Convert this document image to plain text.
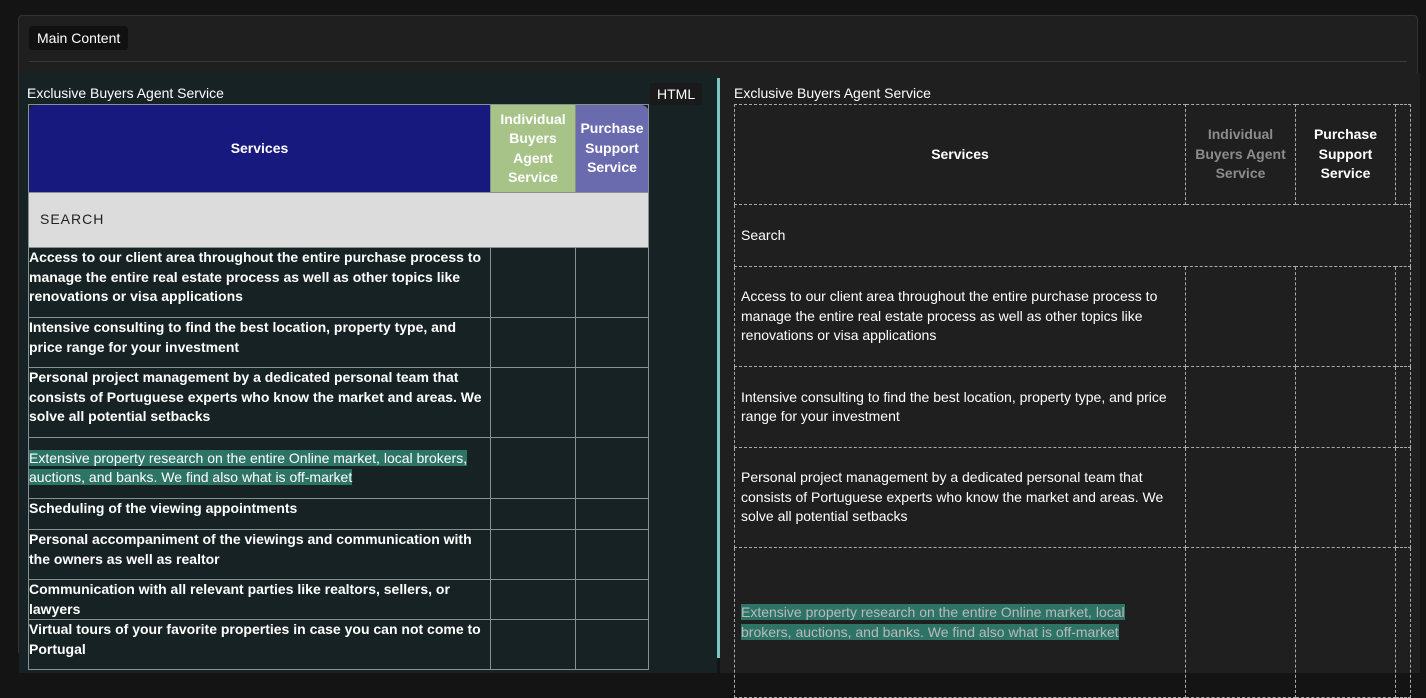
Main Content
Exclusive Buyers Agent Service	HTML
Services	Individual Buyers Agent Service	Purchase Support Service
SEARCH		
Access to our client area throughout the entire purchase process to manage the entire real estate process as well as other topics like renovations or visa applications		
Intensive consulting to find the best location, property type, and price range for your investment		
Personal project management by a dedicated personal team that consists of Portuguese experts who know the market and areas. We solve all potential setbacks		
Extensive property research on the entire Online market, local brokers, auctions, and banks. We find also what is off-market		
Scheduling of the viewing appointments		
Personal accompaniment of the viewings and communication with the owners as well as realtor		
Communication with all relevant parties like realtors, sellers, or lawyers		
Virtual tours of your favorite properties in case you can not come to Portugal		
Exclusive Buyers Agent Service
Services	Individual Buyers Agent Service	Purchase Support Service	
Search			
Access to our client area throughout the entire purchase process to manage the entire real estate process as well as other topics like renovations or visa applications			
Intensive consulting to find the best location, property type, and price range for your investment			
Personal project management by a dedicated personal team that consists of Portuguese experts who know the market and areas. We solve all potential setbacks			
Extensive property research on the entire Online market, local brokers, auctions, and banks. We find also what is off-market			
